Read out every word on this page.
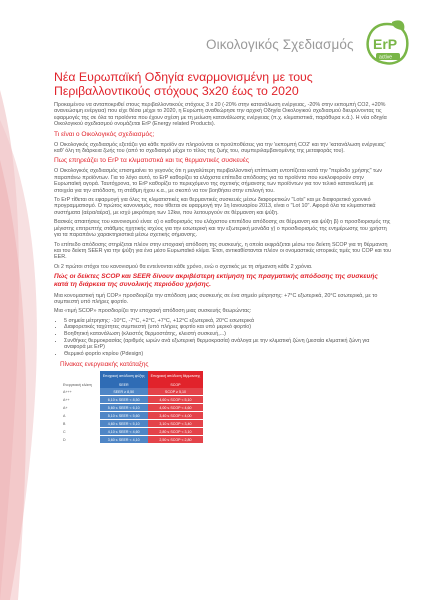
Οικολογικός Σχεδιασμός ErP
active
Νέα Ευρωπαϊκή Οδηγία εναρμονισμένη με τους Περιβαλλοντικούς στόχους 3x20 έως το 2020

Προκειμένου να ανταποκριθεί στους περιβαλλοντικούς στόχους 3 x 20 (-20% στην κατανάλωση ενέργειας, -20% στην εκπομπή CO2, +20% ανανεώσιμη ενέργεια) που είχε θέσει μέχρι το 2020, η Ευρώπη αναθεώρησε την αρχική Οδηγία Οικολογικού σχεδιασμού διευρύνοντας τις εφαρμογές της σε όλα τα προϊόντα που έχουν σχέση με τη μείωση κατανάλωσης ενέργειας (π.χ. κλιματιστικά, παράθυρα κ.ά.). Η νέα οδηγία Οικολογικού σχεδιασμού ονομάζεται ErP (Energy related Products).

Τι είναι ο Οικολογικός σχεδιασμός;

Ο Οικολογικός σχεδιασμός εξετάζει για κάθε προϊόν αν πληρούνται οι προϋποθέσεις για την 'εκπομπή CO2' και την 'κατανάλωση ενέργειας' καθ' όλη τη διάρκεια ζωής του (από το σχεδιασμό μέχρι το τέλος της ζωής του, συμπεριλαμβανομένης της μεταφοράς του).

Πως επηρεάζει το ErP τα κλιματιστικά και τις θερμαντικές συσκευές

Ο Οικολογικός σχεδιασμός επισημαίνει το γεγονός ότι η μεγαλύτερη περιβαλλοντική επίπτωση εντοπίζεται κατά την "περίοδο χρήσης" των παραπάνω προϊόντων. Για το λόγο αυτό, το ErP καθορίζει τα ελάχιστα επίπεδα απόδοσης για τα προϊόντα που κυκλοφορούν στην Ευρωπαϊκή αγορά. Ταυτόχρονα, το ErP καθορίζει το περιεχόμενο της σχετικής σήμανσης των προϊόντων για τον τελικό καταναλωτή με στοιχεία για την απόδοση, τη στάθμη ήχου κ.α., με σκοπό να τον βοηθήσει στην επιλογή του.

Το ErP τίθεται σε εφαρμογή για όλες τις κλιματιστικές και θερμαντικές συσκευές μέσω διαφορετικών "Lots" και με διαφορετικό χρονικό προγραμματισμό. Ο πρώτος κανονισμός, που τίθεται σε εφαρμογή την 1η Ιανουαρίου 2013, είναι ο "Lot 10". Αφορά όλα τα κλιματιστικά συστήματα (αέρα/αέρα), με ισχύ μικρότερη των 12kw, που λειτουργούν σε θέρμανση και ψύξη.

Βασικές απαιτήσεις του κανονισμού είναι: α) ο καθορισμός του ελάχιστου επιπέδου απόδοσης σε θέρμανση και ψύξη β) ο προσδιορισμός της μέγιστης επιτρεπτής στάθμης ηχητικής ισχύος για την εσωτερική και την εξωτερική μονάδα γ) ο προσδιορισμός της ενημέρωσης του χρήστη για τα παραπάνω χαρακτηριστικά μέσω σχετικής σήμανσης.

Το επίπεδο απόδοσης στηρίζεται πλέον στην εποχιακή απόδοση της συσκευής, η οποία εκφράζεται μέσω του δείκτη SCOP για τη θέρμανση και του δείκτη SEER για την ψύξη για ένα μέσο Ευρωπαϊκό κλίμα. Έτσι, αντικαθίστανται πλέον οι ονομαστικές ιστορικές τιμές του COP και του EER.

Οι 2 πρώτοι στόχοι του κανονισμού θα εντείνονται κάθε χρόνο, ενώ ο σχετικός με τη σήμανση κάθε 2 χρόνια.

Πώς οι δείκτες SCOP και SEER δίνουν ακριβέστερη εκτίμηση της πραγματικής απόδοσης της συσκευής κατά τη διάρκεια της συνολικής περιόδου χρήσης.

Μια κονομαστική τιμή COP» προσδιορίζει την απόδοση μιας συσκευής σε ένα σημείο μέτρησης: +7°C εξωτερικά, 20°C εσωτερικά, με το συμπιεστή υπό πλήρες φορτίο.

Μια «τιμή SCOP» προσδιορίζει την εποχιακή απόδοση μιας συσκευής θεωρώντας:

• 5 σημεία μέτρησης: -10°C, -7°C, +2°C, +7°C, +12°C εξωτερικά, 20°C εσωτερικά
• Διαφορετικές ταχύτητες συμπιεστή (υπό πλήρες φορτίο και υπό μερικό φορτίο)
• Βοηθητική κατανάλωση (κλειστός θερμοστάτης, κλειστή συσκευή,...)
• Συνθήκες θερμοκρασίας (αριθμός ωρών ανά εξωτερική θερμοκρασία) ανάλογα με την κλιματική ζώνη (μεσαία κλιματική ζώνη για αναφορά με ErP)
• Θερμικό φορτίο κτιρίου (Pdesign)
Πίνακας ενεργειακής κατάταξης
	Εποχιακή απόδοση ψύξης	Εποχιακή απόδοση θέρμανσης
Ενεργειακή κλάση	SEER	SCOP
A+++	SEER ≥ 8,50	SCOP ≥ 5,10
A++	6,10 ≤ SEER < 8,50	4,60 ≤ SCOP < 5,10
A+	5,60 ≤ SEER < 6,10	4,00 ≤ SCOP < 4,60
A	5,10 ≤ SEER < 5,60	3,40 ≤ SCOP < 4,00
B	4,60 ≤ SEER < 5,10	3,10 ≤ SCOP < 3,40
C	4,10 ≤ SEER < 4,60	2,80 ≤ SCOP < 3,10
D	3,60 ≤ SEER < 4,10	2,50 ≤ SCOP < 2,80
